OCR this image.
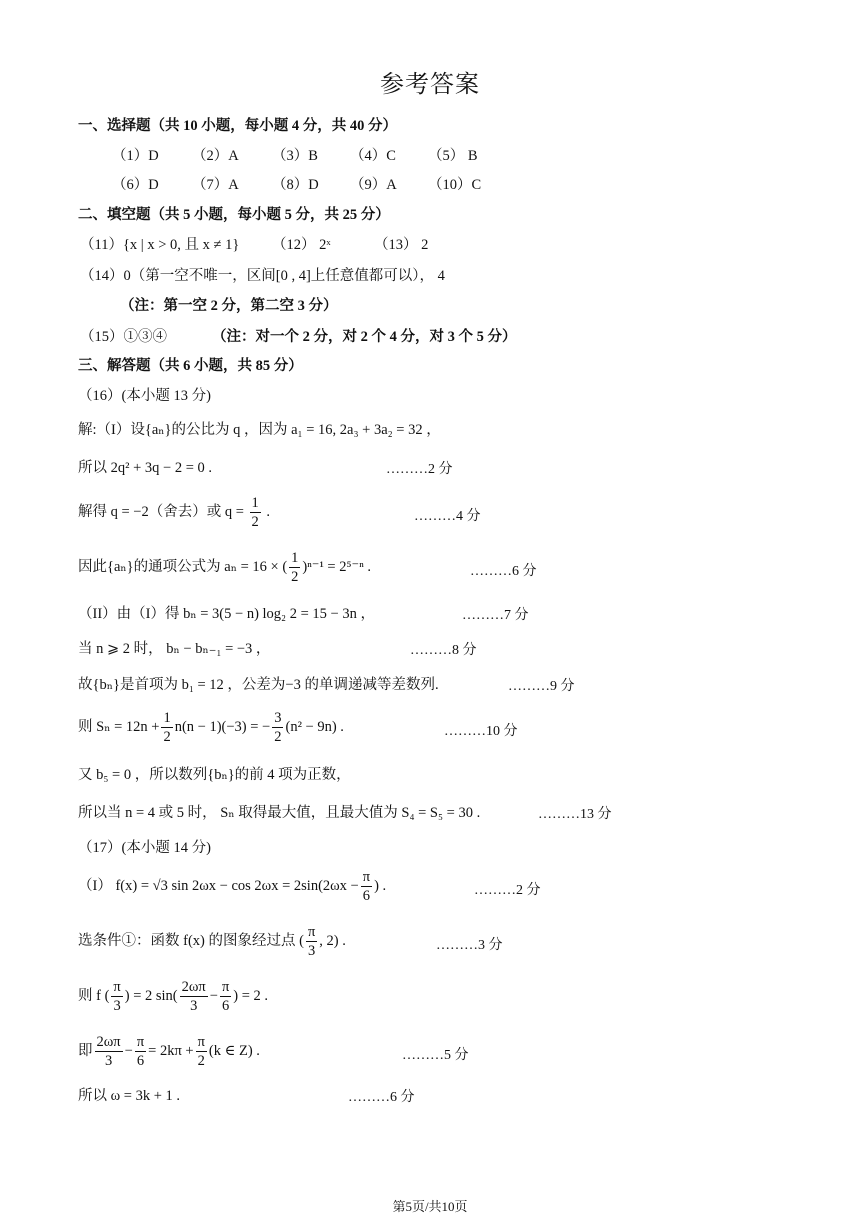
参考答案
一、选择题（共 10 小题，每小题 4 分，共 40 分）
（1）D （2）A （3）B （4）C （5） B
（6）D （7）A （8）D （9）A （10）C
二、填空题（共 5 小题，每小题 5 分，共 25 分）
（11）{x | x > 0, 且 x ≠ 1} （12） 2ˣ	（13） 2
（14）0（第一空不唯一，区间[0 , 4]上任意值都可以）， 4
（注：第一空 2 分，第二空 3 分）
（15）①③④	（注：对一个 2 分，对 2 个 4 分，对 3 个 5 分）
三、解答题（共 6 小题，共 85 分）
（16）(本小题 13 分)
解:（I）设{aₙ}的公比为 q ，因为 a₁ = 16, 2a₃ + 3a₂ = 32 ，
所以 2q² + 3q − 2 = 0 .	………2 分
解得 q = −2（舍去）或 $q = \frac{1}{2}$ .	………4 分
因此{aₙ}的通项公式为 aₙ = 16 × ( $\frac{1}{2} )^{n-1} = 2^{5-n}$ .	………6 分
（II）由（I）得 bₙ = 3(5 − n) log₂ 2 = 15 − 3n ，	………7 分
当 n ⩾ 2 时， bₙ − bₙ₋₁ = −3 ，	………8 分
故{bₙ}是首项为 b₁ = 12 ，公差为−3 的单调递减等差数列.	………9 分
则 $S_n = 12n + \frac{1}{2} n(n - 1)(-3)$ = − $\frac{3}{2} (n^2 - 9n)$ .	………10 分
又 b₅ = 0 ，所以数列{bₙ}的前 4 项为正数，
所以当 n = 4 或 5 时， Sₙ 取得最大值，且最大值为 S₄ = S₅ = 30 .	………13 分
（17）(本小题 14 分)
（I） f(x) = √3 $\sin 2\omega x - \cos 2\omega x = 2\sin(2\omega x - \frac{\pi}{6}$ ) .	………2 分
选条件①：函数 f(x) 的图象经过点 ( $\frac{\pi}{3}$ , 2) .	………3 分
则 f ( $\frac{\pi}{3}$ ) = 2 $\sin( \frac{2\omega\pi}{3} - \frac{\pi}{6}$ ) = 2 .
即 $\frac{2\omega\pi}{3} - \frac{\pi}{6} = 2k\pi + \frac{\pi}{2} (k$ ∈ Z) .	………5 分
所以 ω = 3k + 1 .	………6 分
第5页/共10页
